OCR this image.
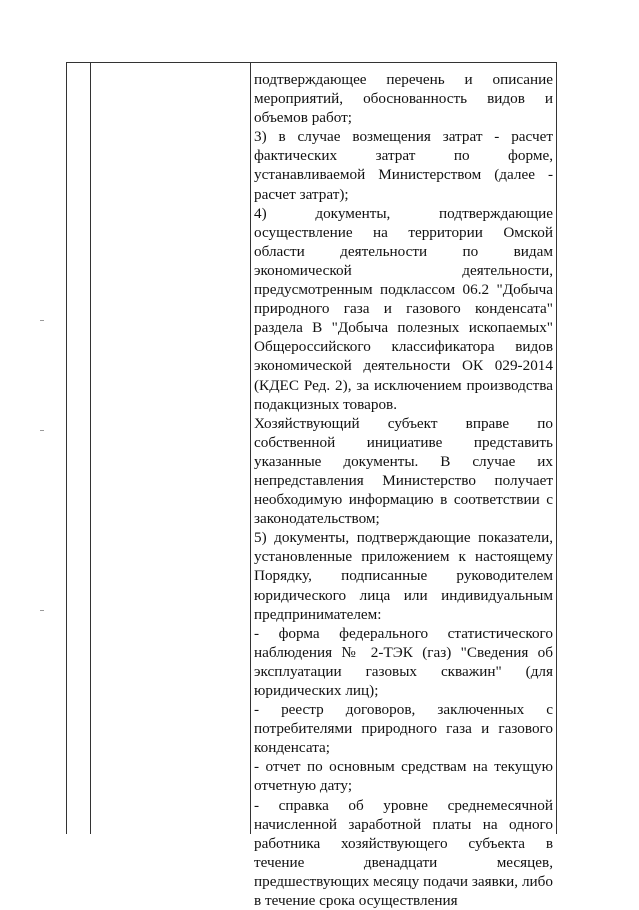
подтверждающее перечень и описание мероприятий, обоснованность видов и объемов работ;

3) в случае возмещения затрат - расчет фактических затрат по форме, устанавливаемой Министерством (далее - расчет затрат);

4) документы, подтверждающие осуществление на территории Омской области деятельности по видам экономической деятельности, предусмотренным подклассом 06.2 "Добыча природного газа и газового конденсата" раздела В "Добыча полезных ископаемых" Общероссийского классификатора видов экономической деятельности ОК 029-2014 (КДЕС Ред. 2), за исключением производства подакцизных товаров.

Хозяйствующий субъект вправе по собственной инициативе представить указанные документы. В случае их непредставления Министерство получает необходимую информацию в соответствии с законодательством;

5) документы, подтверждающие показатели, установленные приложением к настоящему Порядку, подписанные руководителем юридического лица или индивидуальным предпринимателем:

- форма федерального статистического наблюдения № 2-ТЭК (газ) "Сведения об эксплуатации газовых скважин" (для юридических лиц);

- реестр договоров, заключенных с потребителями природного газа и газового конденсата;

- отчет по основным средствам на текущую отчетную дату;

- справка об уровне среднемесячной начисленной заработной платы на одного работника хозяйствующего субъекта в течение двенадцати месяцев, предшествующих месяцу подачи заявки, либо в течение срока осуществления
